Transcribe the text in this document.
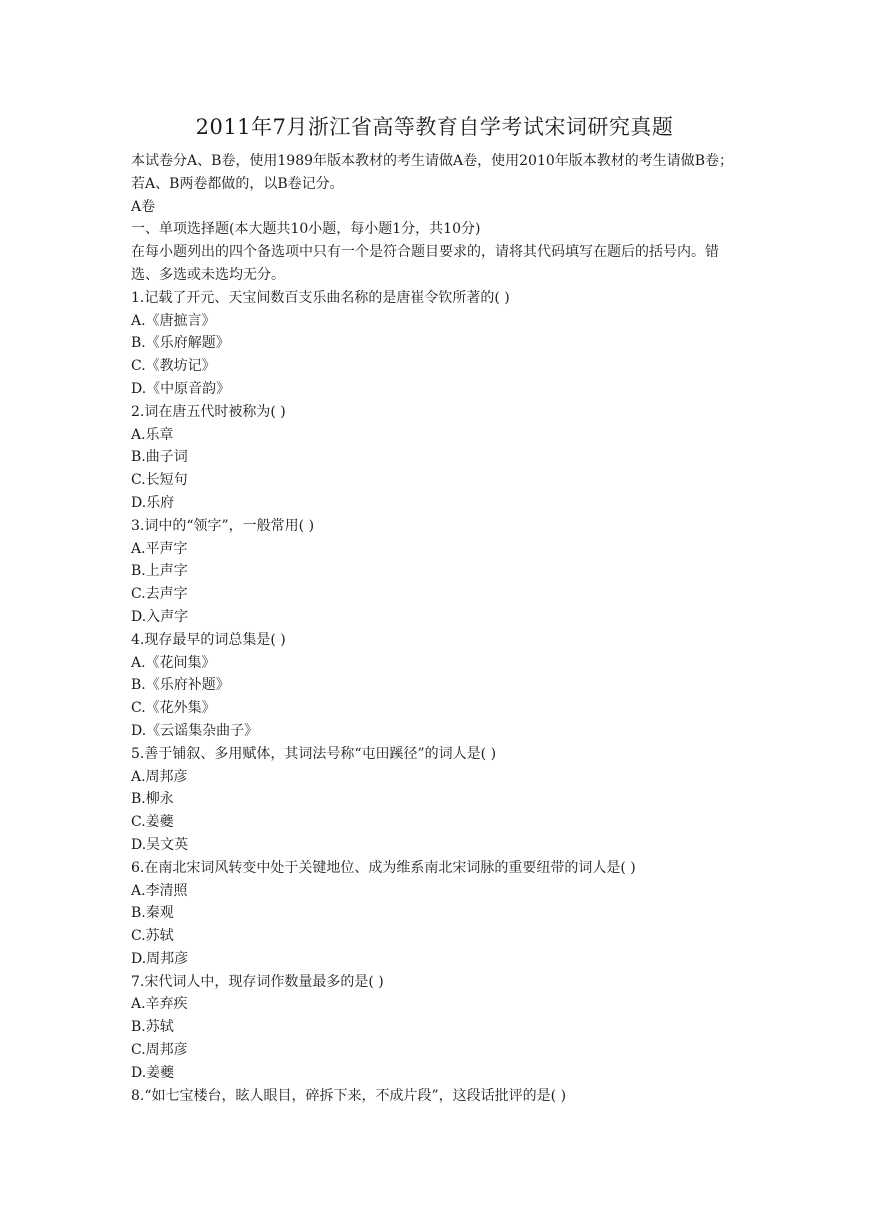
2011年7月浙江省高等教育自学考试宋词研究真题
本试卷分A、B卷，使用1989年版本教材的考生请做A卷，使用2010年版本教材的考生请做B卷；若A、B两卷都做的，以B卷记分。
A卷
一、单项选择题(本大题共10小题，每小题1分，共10分)
在每小题列出的四个备选项中只有一个是符合题目要求的，请将其代码填写在题后的括号内。错选、多选或未选均无分。
1.记载了开元、天宝间数百支乐曲名称的是唐崔令钦所著的( )
A.《唐摭言》
B.《乐府解题》
C.《教坊记》
D.《中原音韵》
2.词在唐五代时被称为( )
A.乐章
B.曲子词
C.长短句
D.乐府
3.词中的“领字”，一般常用( )
A.平声字
B.上声字
C.去声字
D.入声字
4.现存最早的词总集是( )
A.《花间集》
B.《乐府补题》
C.《花外集》
D.《云谣集杂曲子》
5.善于铺叙、多用赋体，其词法号称“屯田蹊径”的词人是( )
A.周邦彦
B.柳永
C.姜夔
D.吴文英
6.在南北宋词风转变中处于关键地位、成为维系南北宋词脉的重要纽带的词人是( )
A.李清照
B.秦观
C.苏轼
D.周邦彦
7.宋代词人中，现存词作数量最多的是( )
A.辛弃疾
B.苏轼
C.周邦彦
D.姜夔
8.“如七宝楼台，眩人眼目，碎拆下来，不成片段”，这段话批评的是( )
